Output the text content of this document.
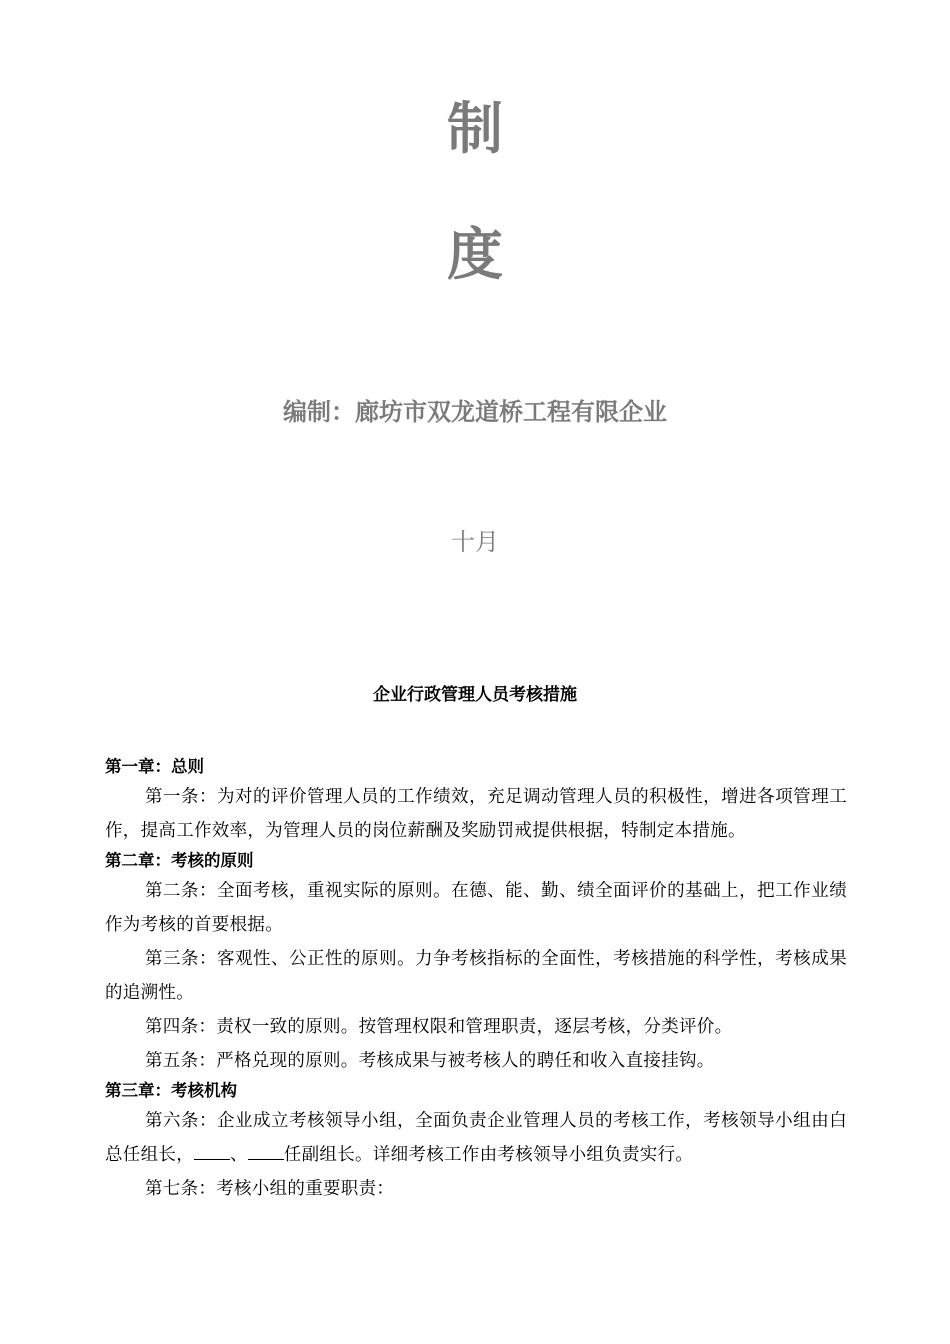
制
度
编制：廊坊市双龙道桥工程有限企业
十月
企业行政管理人员考核措施

第一章：总则

第一条：为对的评价管理人员的工作绩效，充足调动管理人员的积极性，增进各项管理工作，提高工作效率，为管理人员的岗位薪酬及奖励罚戒提供根据，特制定本措施。

第二章：考核的原则

第二条：全面考核，重视实际的原则。在德、能、勤、绩全面评价的基础上，把工作业绩作为考核的首要根据。

第三条：客观性、公正性的原则。力争考核指标的全面性，考核措施的科学性，考核成果的追溯性。

第四条：责权一致的原则。按管理权限和管理职责，逐层考核，分类评价。

第五条：严格兑现的原则。考核成果与被考核人的聘任和收入直接挂钩。

第三章：考核机构

第六条：企业成立考核领导小组，全面负责企业管理人员的考核工作，考核领导小组由白总任组长， 、 任副组长。详细考核工作由考核领导小组负责实行。

第七条：考核小组的重要职责：
